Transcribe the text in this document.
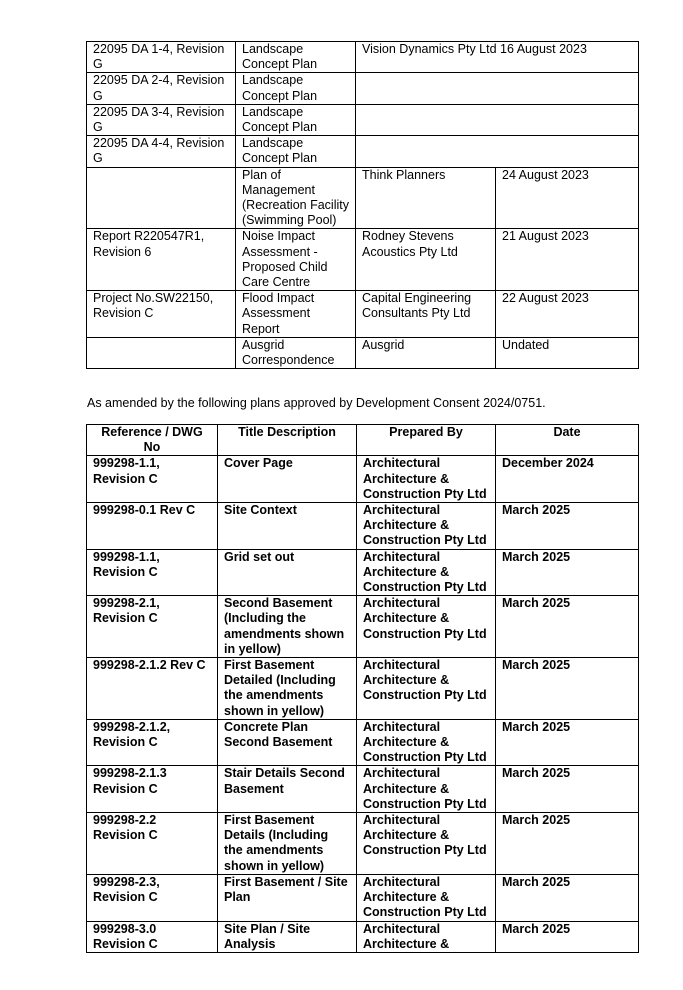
22095 DA 1-4, Revision G	Landscape Concept Plan	Vision Dynamics Pty Ltd 16 August 2023	
22095 DA 2-4, Revision G	Landscape Concept Plan		
22095 DA 3-4, Revision G	Landscape Concept Plan		
22095 DA 4-4, Revision G	Landscape Concept Plan		
	Plan of Management (Recreation Facility (Swimming Pool)	Think Planners	24 August 2023
Report R220547R1, Revision 6	Noise Impact Assessment - Proposed Child Care Centre	Rodney Stevens Acoustics Pty Ltd	21 August 2023
Project No.SW22150, Revision C	Flood Impact Assessment Report	Capital Engineering Consultants Pty Ltd	22 August 2023
	Ausgrid Correspondence	Ausgrid	Undated
As amended by the following plans approved by Development Consent 2024/0751.
Reference / DWG No	Title Description	Prepared By	Date
999298-1.1, Revision C	Cover Page	Architectural Architecture & Construction Pty Ltd	December 2024
999298-0.1 Rev C	Site Context	Architectural Architecture & Construction Pty Ltd	March 2025
999298-1.1, Revision C	Grid set out	Architectural Architecture & Construction Pty Ltd	March 2025
999298-2.1, Revision C	Second Basement (Including the amendments shown in yellow)	Architectural Architecture & Construction Pty Ltd	March 2025
999298-2.1.2 Rev C	First Basement Detailed (Including the amendments shown in yellow)	Architectural Architecture & Construction Pty Ltd	March 2025
999298-2.1.2, Revision C	Concrete Plan Second Basement	Architectural Architecture & Construction Pty Ltd	March 2025
999298-2.1.3 Revision C	Stair Details Second Basement	Architectural Architecture & Construction Pty Ltd	March 2025
999298-2.2 Revision C	First Basement Details (Including the amendments shown in yellow)	Architectural Architecture & Construction Pty Ltd	March 2025
999298-2.3, Revision C	First Basement / Site Plan	Architectural Architecture & Construction Pty Ltd	March 2025
999298-3.0 Revision C	Site Plan / Site Analysis	Architectural Architecture &	March 2025
